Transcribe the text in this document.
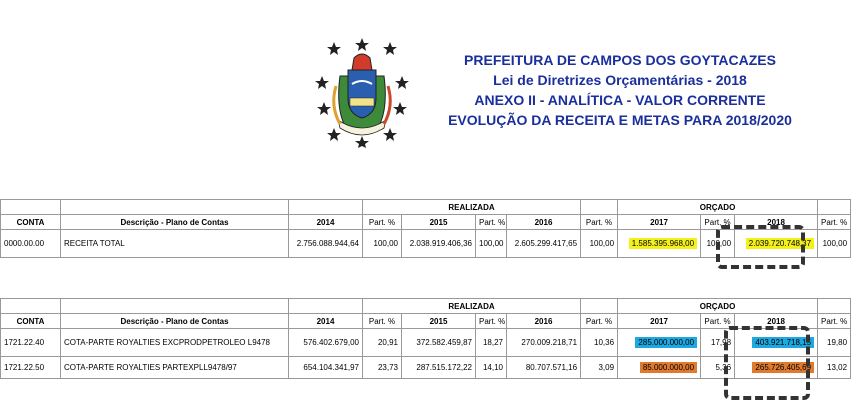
PREFEITURA DE CAMPOS DOS GOYTACAZES
Lei de Diretrizes Orçamentárias - 2018
ANEXO II - ANALÍTICA - VALOR CORRENTE
EVOLUÇÃO DA RECEITA E METAS PARA 2018/2020
			REALIZADA					ORÇADO			
CONTA	Descrição - Plano de Contas	2014	Part. %	2015	Part. %	2016	Part. %	2017	Part. %	2018	Part. %
0000.00.00	RECEITA TOTAL	2.756.088.944,64	100,00	2.038.919.406,36	100,00	2.605.299.417,65	100,00	1.585.395.968,00	100,00	2.039.720.748,37	100,00
			REALIZADA					ORÇADO			
CONTA	Descrição - Plano de Contas	2014	Part. %	2015	Part. %	2016	Part. %	2017	Part. %	2018	Part. %
1721.22.40	COTA-PARTE ROYALTIES EXCPRODPETROLEO L9478	576.402.679,00	20,91	372.582.459,87	18,27	270.009.218,71	10,36	285.000.000,00	17,98	403.921.718,15	19,80
1721.22.50	COTA-PARTE ROYALTIES PARTEXPLL9478/97	654.104.341,97	23,73	287.515.172,22	14,10	80.707.571,16	3,09	85.000.000,00	5,36	265.726.405,69	13,02
